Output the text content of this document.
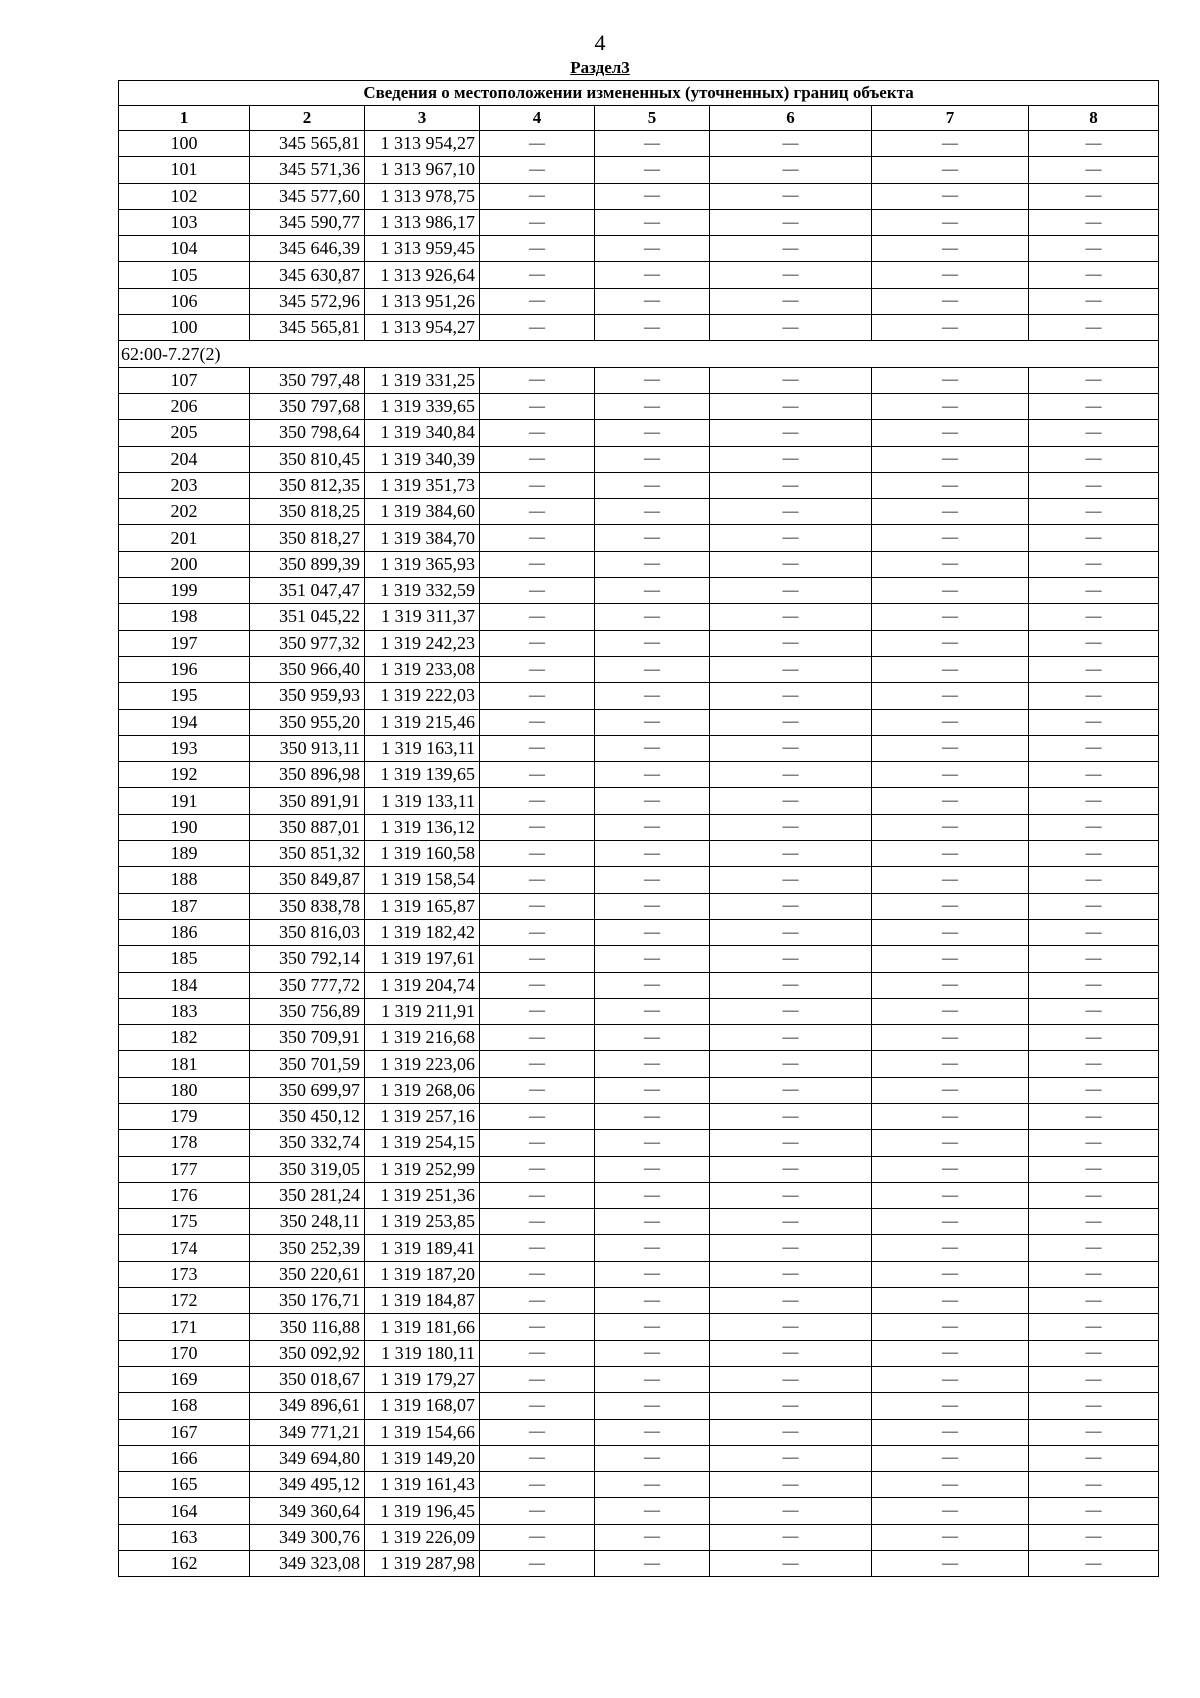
4
Раздел3
Сведения о местоположении измененных (уточненных) границ объекта							
1	2	3	4	5	6	7	8
100	345 565,81	1 313 954,27	—	—	—	—	—
101	345 571,36	1 313 967,10	—	—	—	—	—
102	345 577,60	1 313 978,75	—	—	—	—	—
103	345 590,77	1 313 986,17	—	—	—	—	—
104	345 646,39	1 313 959,45	—	—	—	—	—
105	345 630,87	1 313 926,64	—	—	—	—	—
106	345 572,96	1 313 951,26	—	—	—	—	—
100	345 565,81	1 313 954,27	—	—	—	—	—
62:00-7.27(2)							
107	350 797,48	1 319 331,25	—	—	—	—	—
206	350 797,68	1 319 339,65	—	—	—	—	—
205	350 798,64	1 319 340,84	—	—	—	—	—
204	350 810,45	1 319 340,39	—	—	—	—	—
203	350 812,35	1 319 351,73	—	—	—	—	—
202	350 818,25	1 319 384,60	—	—	—	—	—
201	350 818,27	1 319 384,70	—	—	—	—	—
200	350 899,39	1 319 365,93	—	—	—	—	—
199	351 047,47	1 319 332,59	—	—	—	—	—
198	351 045,22	1 319 311,37	—	—	—	—	—
197	350 977,32	1 319 242,23	—	—	—	—	—
196	350 966,40	1 319 233,08	—	—	—	—	—
195	350 959,93	1 319 222,03	—	—	—	—	—
194	350 955,20	1 319 215,46	—	—	—	—	—
193	350 913,11	1 319 163,11	—	—	—	—	—
192	350 896,98	1 319 139,65	—	—	—	—	—
191	350 891,91	1 319 133,11	—	—	—	—	—
190	350 887,01	1 319 136,12	—	—	—	—	—
189	350 851,32	1 319 160,58	—	—	—	—	—
188	350 849,87	1 319 158,54	—	—	—	—	—
187	350 838,78	1 319 165,87	—	—	—	—	—
186	350 816,03	1 319 182,42	—	—	—	—	—
185	350 792,14	1 319 197,61	—	—	—	—	—
184	350 777,72	1 319 204,74	—	—	—	—	—
183	350 756,89	1 319 211,91	—	—	—	—	—
182	350 709,91	1 319 216,68	—	—	—	—	—
181	350 701,59	1 319 223,06	—	—	—	—	—
180	350 699,97	1 319 268,06	—	—	—	—	—
179	350 450,12	1 319 257,16	—	—	—	—	—
178	350 332,74	1 319 254,15	—	—	—	—	—
177	350 319,05	1 319 252,99	—	—	—	—	—
176	350 281,24	1 319 251,36	—	—	—	—	—
175	350 248,11	1 319 253,85	—	—	—	—	—
174	350 252,39	1 319 189,41	—	—	—	—	—
173	350 220,61	1 319 187,20	—	—	—	—	—
172	350 176,71	1 319 184,87	—	—	—	—	—
171	350 116,88	1 319 181,66	—	—	—	—	—
170	350 092,92	1 319 180,11	—	—	—	—	—
169	350 018,67	1 319 179,27	—	—	—	—	—
168	349 896,61	1 319 168,07	—	—	—	—	—
167	349 771,21	1 319 154,66	—	—	—	—	—
166	349 694,80	1 319 149,20	—	—	—	—	—
165	349 495,12	1 319 161,43	—	—	—	—	—
164	349 360,64	1 319 196,45	—	—	—	—	—
163	349 300,76	1 319 226,09	—	—	—	—	—
162	349 323,08	1 319 287,98	—	—	—	—	—
